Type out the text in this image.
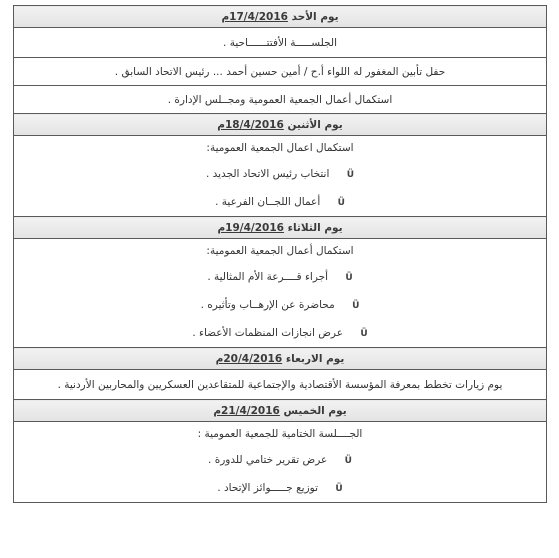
يوم الأحد 17/4/2016م
الجلســـــة الأفتتــــــاحية .
حفل تأبين المغفور له اللواء أ.ح / أمين حسين أحمد ... رئيس الاتحاد السابق .
استكمال أعمال الجمعية العمومية ومجــلس الإدارة .
يوم الأثنين 18/4/2016م

استكمال اعمال الجمعية العمومية:
Ü انتخاب رئيس الاتحاد الجديد .
Ü أعمال اللجــان الفرعية .

يوم الثلاثاء 19/4/2016م

استكمال أعمال الجمعية العمومية:
Ü أجراء قــــرعة الأم المثالية .
Ü محاضرة عن الإرهــاب وتأثيره .
Ü عرض انجازات المنظمات الأعضاء .

يوم الاربعاء 20/4/2016م
يوم زيارات تخطط بمعرفة المؤسسة الأقتصادية والإجتماعية للمتقاعدين العسكريين والمحاربين الأردنية .
يوم الخميس 21/4/2016م

الجــــلسة الختامية للجمعية العمومية :
Ü عرض تقرير ختامي للدورة .
Ü توزيع جـــــوائز الإتحاد .
